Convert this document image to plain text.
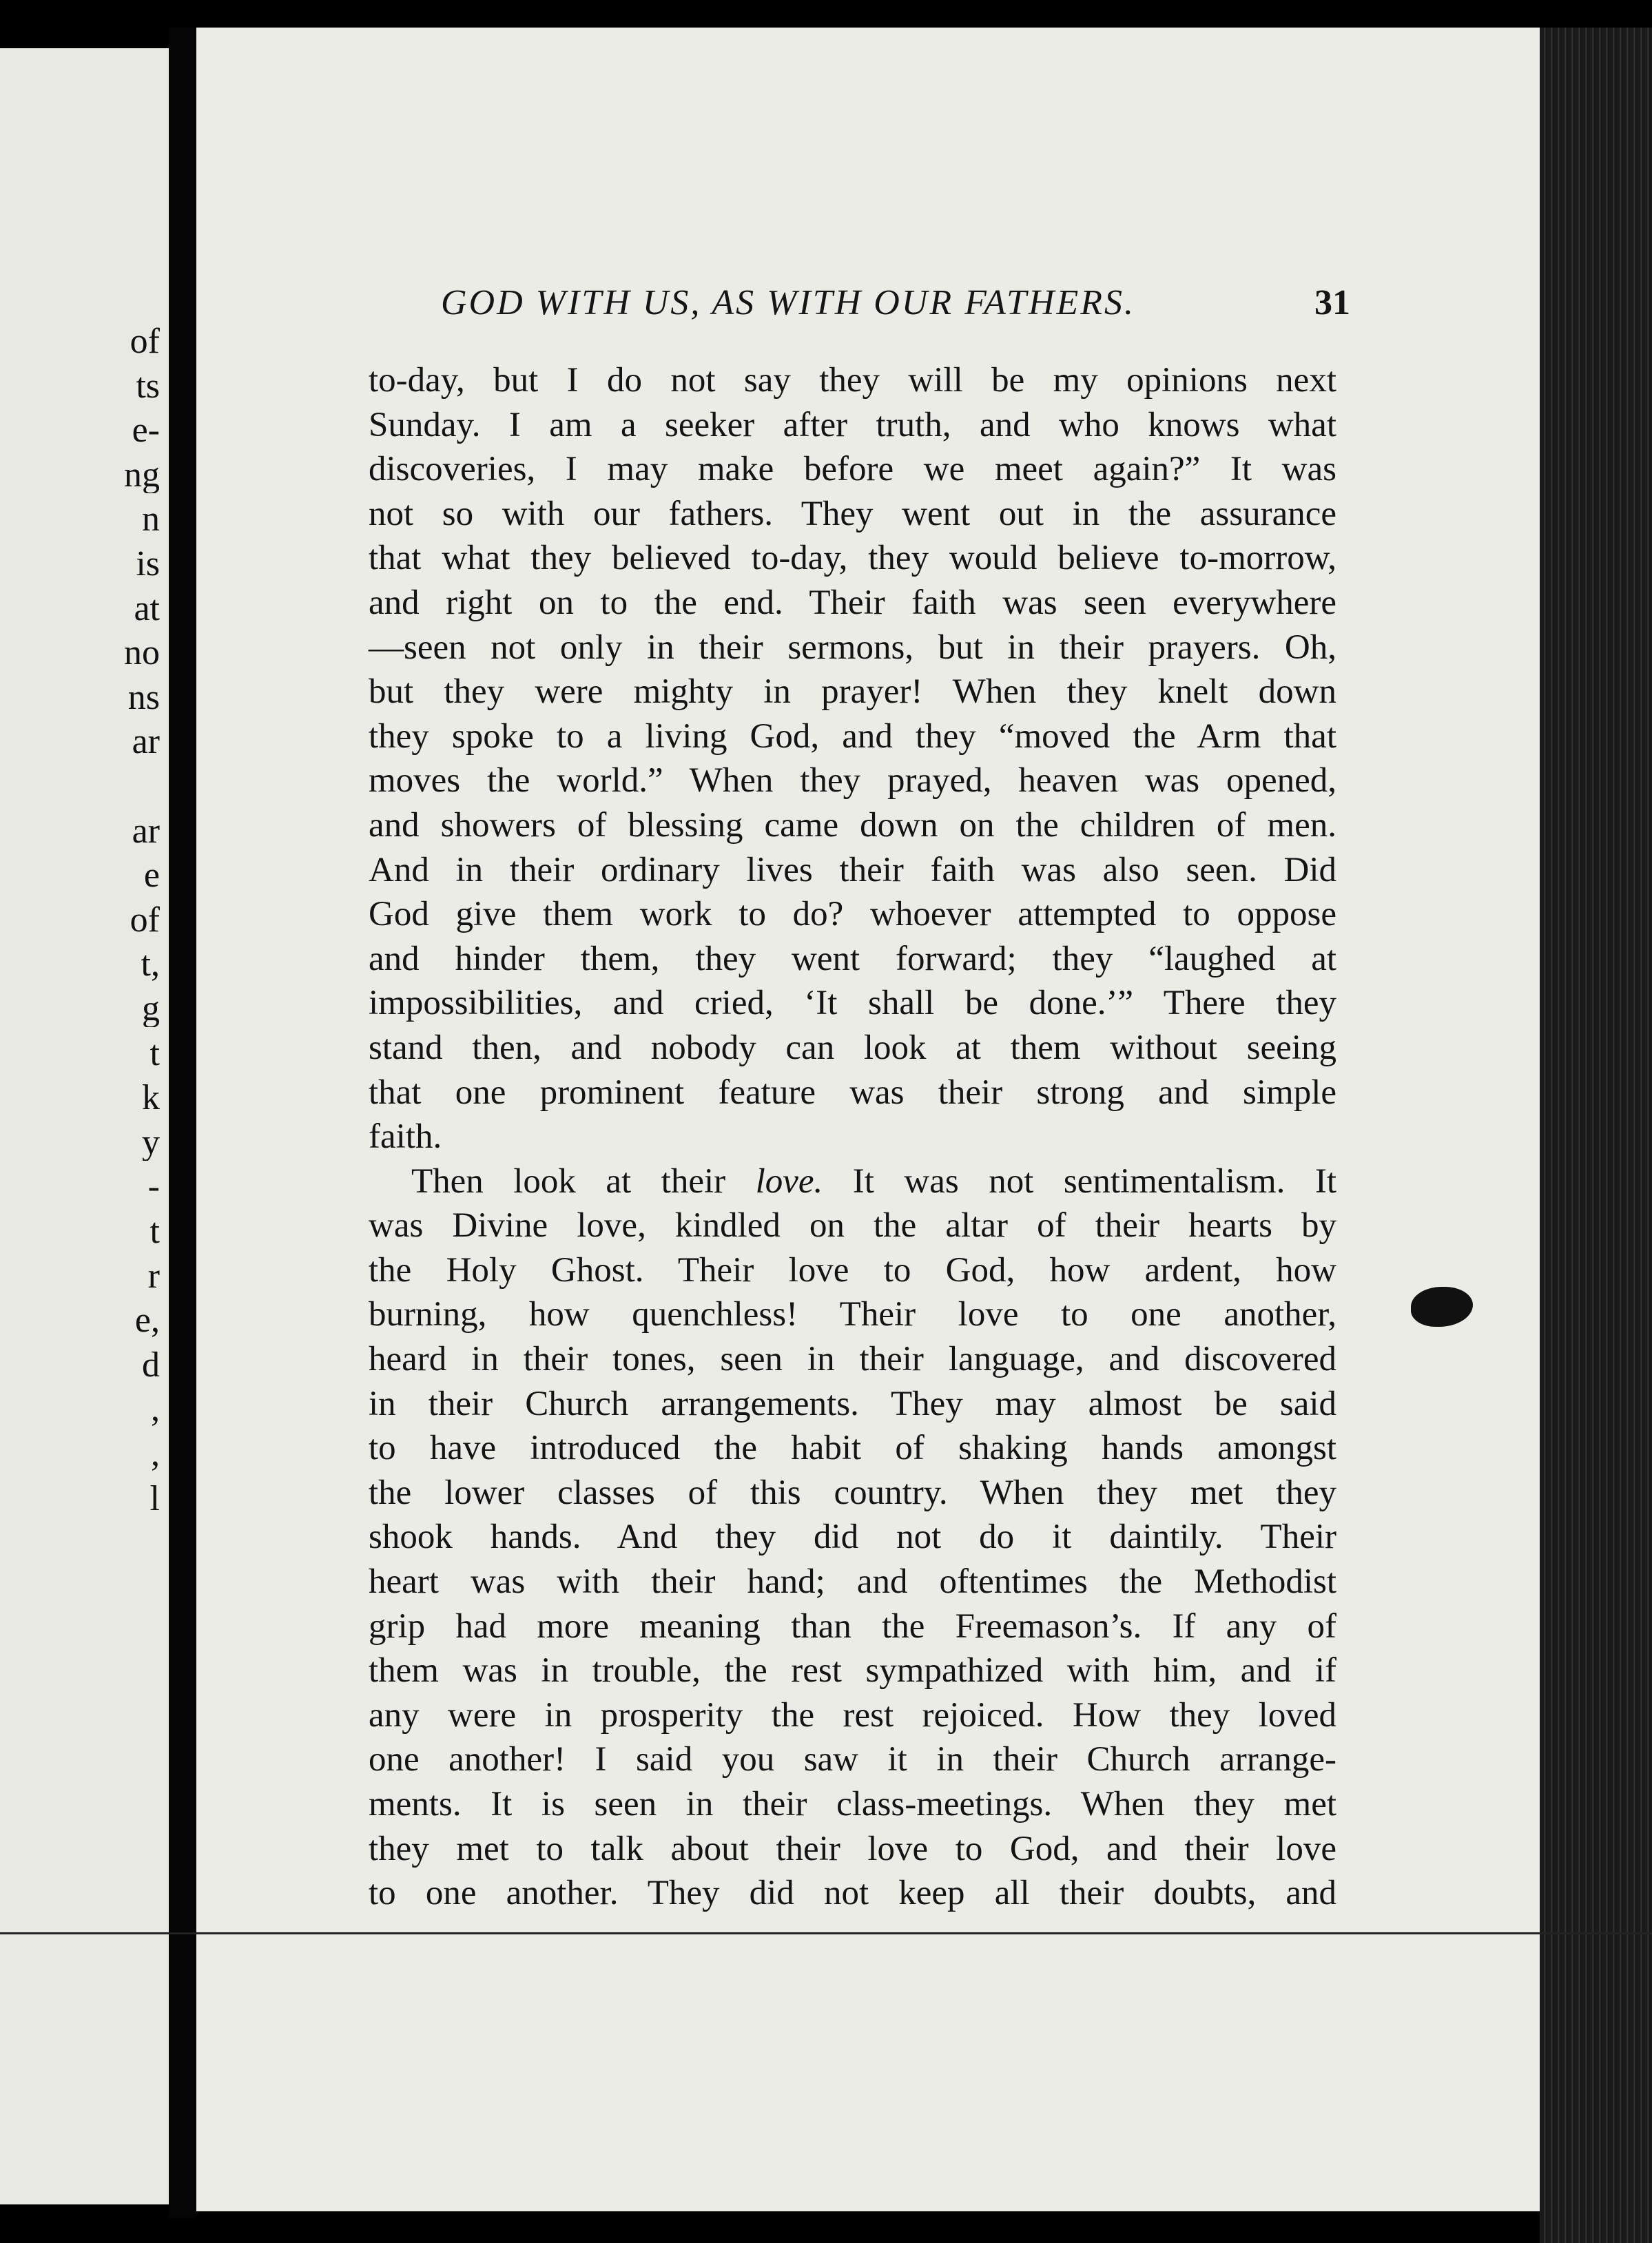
of
ts
e-
ng
n
is
at
no
ns
ar
ar
e
of
t,
g
t
k
y
-
t
r
e,
d
,
,
l
GOD WITH US, AS WITH OUR FATHERS.	31
to-day, but I do not say they will be my opinions next
Sunday. I am a seeker after truth, and who knows what
discoveries, I may make before we meet again?” It was
not so with our fathers. They went out in the assurance
that what they believed to-day, they would believe to-morrow,
and right on to the end. Their faith was seen everywhere
—seen not only in their sermons, but in their prayers. Oh,
but they were mighty in prayer! When they knelt down
they spoke to a living God, and they “moved the Arm that
moves the world.” When they prayed, heaven was opened,
and showers of blessing came down on the children of men.
And in their ordinary lives their faith was also seen. Did
God give them work to do? whoever attempted to oppose
and hinder them, they went forward; they “laughed at
impossibilities, and cried, ‘It shall be done.’” There they
stand then, and nobody can look at them without seeing
that one prominent feature was their strong and simple
faith.
Then look at their love. It was not sentimentalism. It
was Divine love, kindled on the altar of their hearts by
the Holy Ghost. Their love to God, how ardent, how
burning, how quenchless! Their love to one another,
heard in their tones, seen in their language, and discovered
in their Church arrangements. They may almost be said
to have introduced the habit of shaking hands amongst
the lower classes of this country. When they met they
shook hands. And they did not do it daintily. Their
heart was with their hand; and oftentimes the Methodist
grip had more meaning than the Freemason’s. If any of
them was in trouble, the rest sympathized with him, and if
any were in prosperity the rest rejoiced. How they loved
one another! I said you saw it in their Church arrange-
ments. It is seen in their class-meetings. When they met
they met to talk about their love to God, and their love
to one another. They did not keep all their doubts, and
